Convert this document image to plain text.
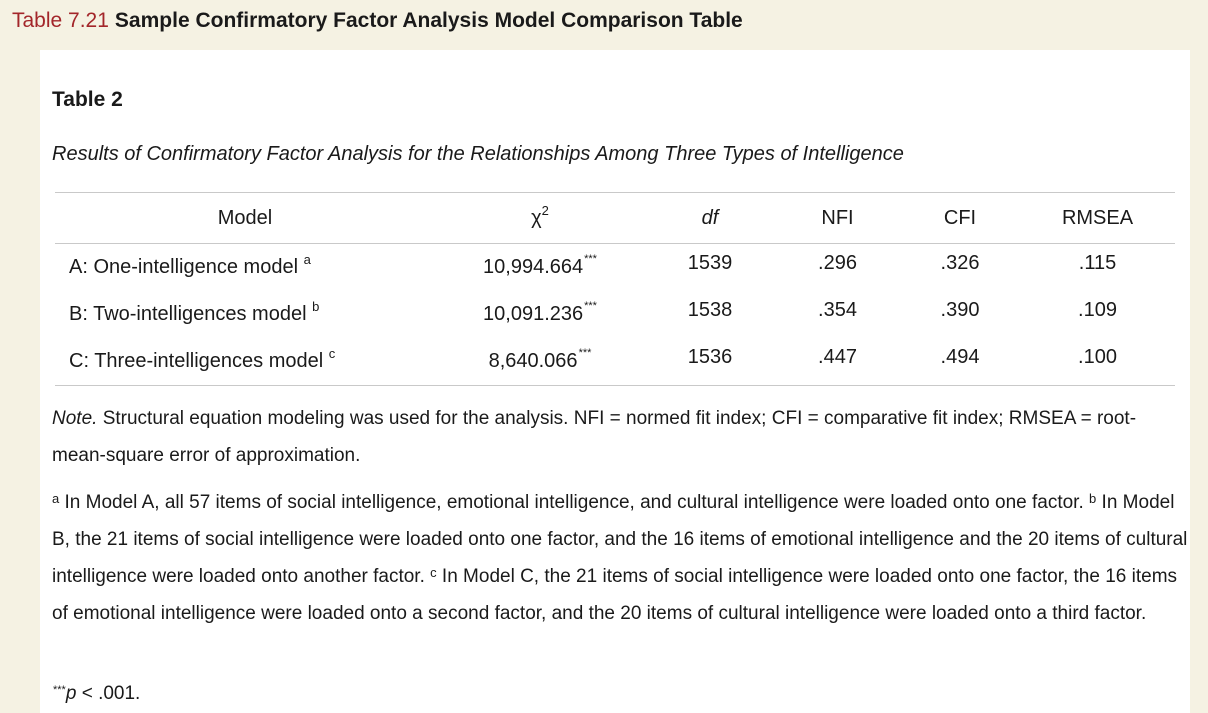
Table 7.21 Sample Confirmatory Factor Analysis Model Comparison Table
Table 2
Results of Confirmatory Factor Analysis for the Relationships Among Three Types of Intelligence
Model	$\chi^2$	df	NFI	CFI	RMSEA
A: One-intelligence model $^a$	10,994.664***	1539	.296	.326	.115
B: Two-intelligences model $^b$	10,091.236***	1538	.354	.390	.109
C: Three-intelligences model $^c$	8,640.066***	1536	.447	.494	.100
Note. Structural equation modeling was used for the analysis. NFI = normed fit index; CFI = comparative fit index; RMSEA = root-mean-square error of approximation.
$^a$ In Model A, all 57 items of social intelligence, emotional intelligence, and cultural intelligence were loaded onto one factor. $^b$ In Model B, the 21 items of social intelligence were loaded onto one factor, and the 16 items of emotional intelligence and the 20 items of cultural intelligence were loaded onto another factor. $^c$ In Model C, the 21 items of social intelligence were loaded onto one factor, the 16 items of emotional intelligence were loaded onto a second factor, and the 20 items of cultural intelligence were loaded onto a third factor.
***p < .001.
